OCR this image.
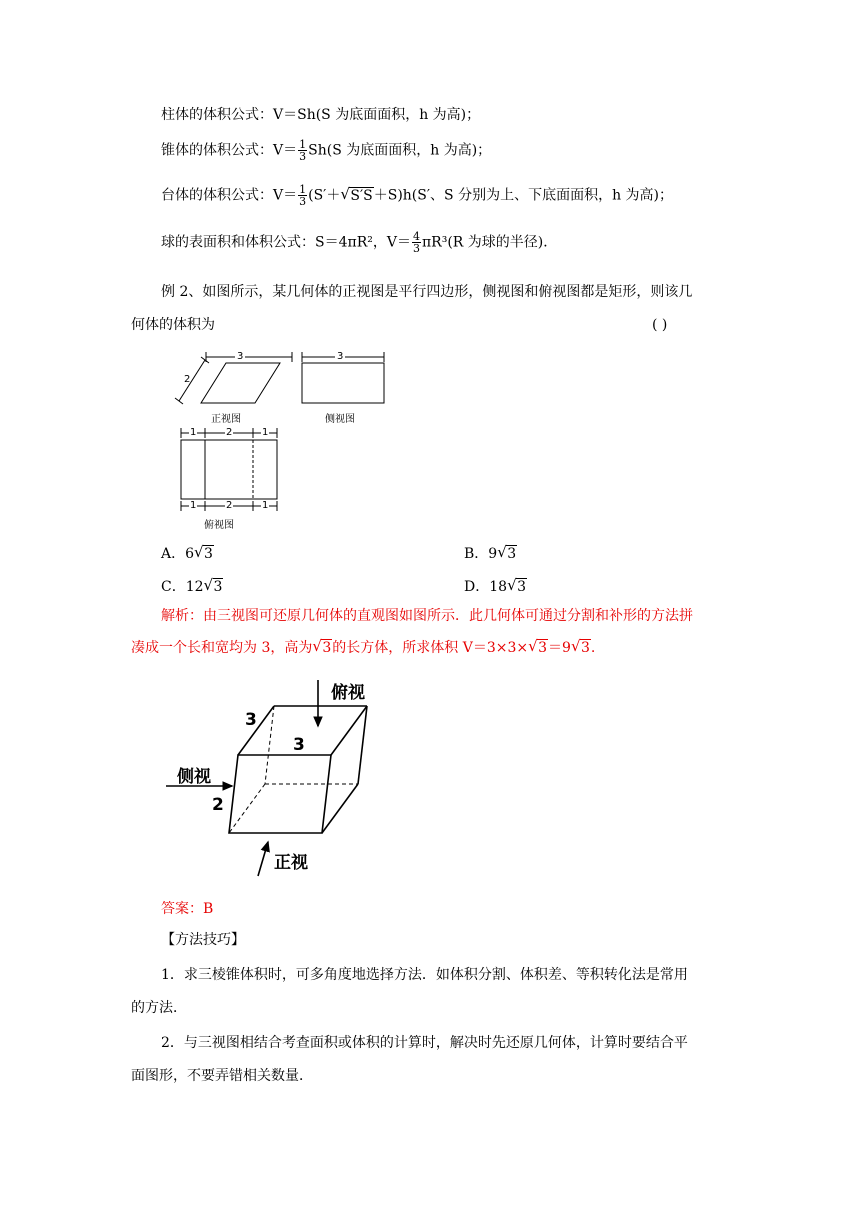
柱体的体积公式：V＝Sh(S 为底面面积，h 为高)；
锥体的体积公式：$V= \frac{1}{3} Sh(S$ 为底面面积，h 为高)；
台体的体积公式：$V= \frac{1}{3} (S'+√$ S′S＋S)h(S′、S 分别为上、下底面面积，h 为高)；
球的表面积和体积公式：S＝4πR²，$V= \frac{4}{3} \pi R^3(R$ 为球的半径)．
例 2、如图所示，某几何体的正视图是平行四边形，侧视图和俯视图都是矩形，则该几
何体的体积为	( )
3
2
3
正视图	侧视图
1	2	1
1	2	1
俯视图
A．6√ 3	B．9√ 3
C．12√ 3	D．18√ 3
解析：由三视图可还原几何体的直观图如图所示．此几何体可通过分割和补形的方法拼
凑成一个长和宽均为 3，高为√ 3的长方体，所求体积 V＝3×3×√ 3＝9√ 3.
俯视
3
3
侧视
2
正视
答案：B
【方法技巧】
1．求三棱锥体积时，可多角度地选择方法．如体积分割、体积差、等积转化法是常用
的方法．
2．与三视图相结合考查面积或体积的计算时，解决时先还原几何体，计算时要结合平
面图形，不要弄错相关数量．
